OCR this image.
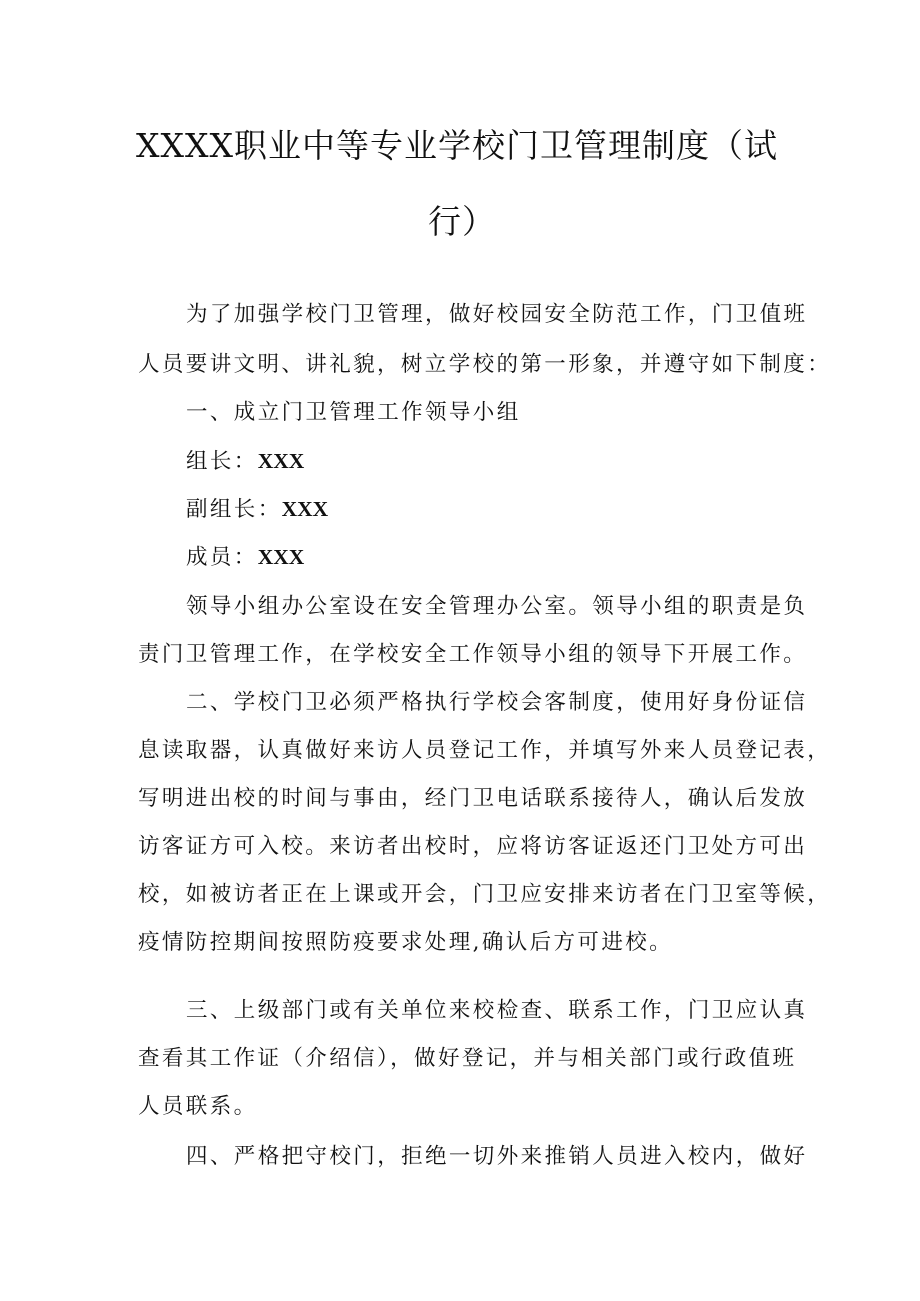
XXXX职业中等专业学校门卫管理制度（试
行）

为了加强学校门卫管理，做好校园安全防范工作，门卫值班

人员要讲文明、讲礼貌，树立学校的第一形象，并遵守如下制度：

一、成立门卫管理工作领导小组

组长：XXX

副组长：XXX

成员：XXX

领导小组办公室设在安全管理办公室。领导小组的职责是负

责门卫管理工作，在学校安全工作领导小组的领导下开展工作。

二、学校门卫必须严格执行学校会客制度，使用好身份证信

息读取器，认真做好来访人员登记工作，并填写外来人员登记表，

写明进出校的时间与事由，经门卫电话联系接待人，确认后发放

访客证方可入校。来访者出校时，应将访客证返还门卫处方可出

校，如被访者正在上课或开会，门卫应安排来访者在门卫室等候，

疫情防控期间按照防疫要求处理,确认后方可进校。

三、上级部门或有关单位来校检查、联系工作，门卫应认真

查看其工作证（介绍信），做好登记，并与相关部门或行政值班

人员联系。

四、严格把守校门，拒绝一切外来推销人员进入校内，做好
